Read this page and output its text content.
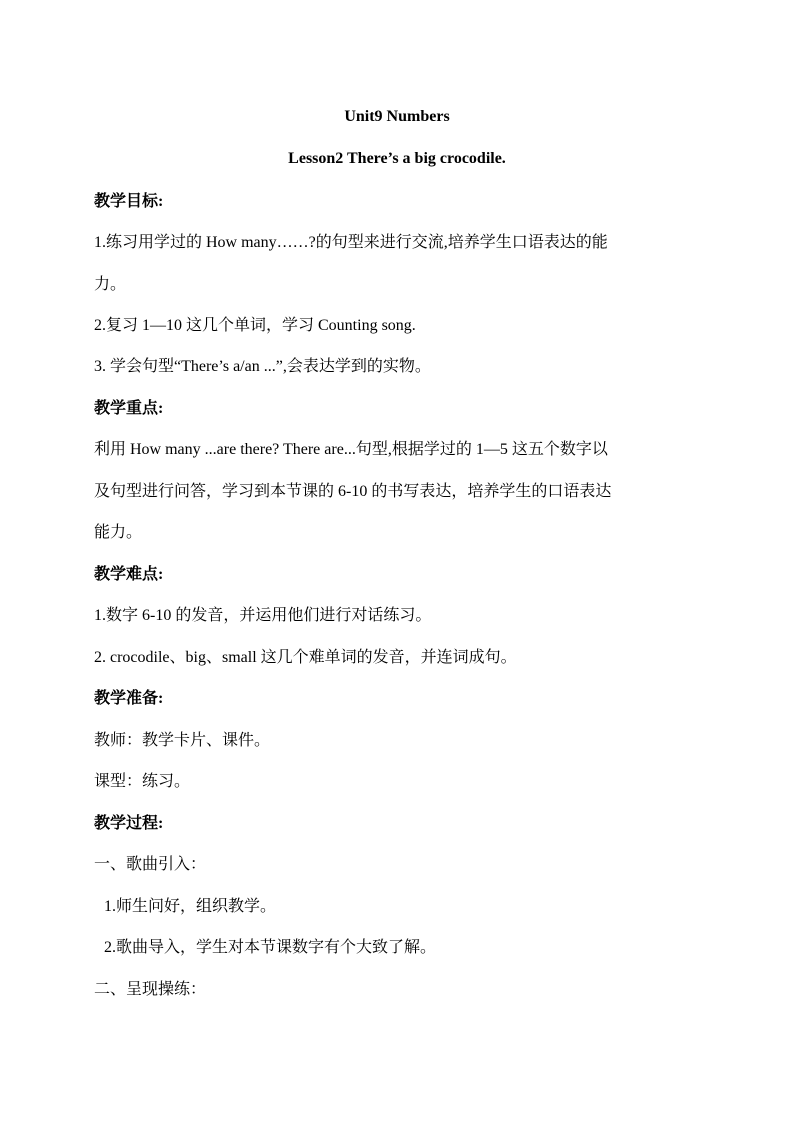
Unit9 Numbers
Lesson2 There’s a big crocodile.
教学目标:
1.练习用学过的 How many……?的句型来进行交流,培养学生口语表达的能
力。
2.复习 1—10 这几个单词，学习 Counting song.
3. 学会句型“There’s a/an ...”,会表达学到的实物。
教学重点:
利用 How many ...are there? There are...句型,根据学过的 1—5 这五个数字以
及句型进行问答，学习到本节课的 6-10 的书写表达，培养学生的口语表达
能力。
教学难点:
1.数字 6-10 的发音，并运用他们进行对话练习。
2. crocodile、big、small 这几个难单词的发音，并连词成句。
教学准备:
教师：教学卡片、课件。
课型：练习。
教学过程:
一、歌曲引入：
1.师生问好，组织教学。
2.歌曲导入，学生对本节课数字有个大致了解。
二、呈现操练：
